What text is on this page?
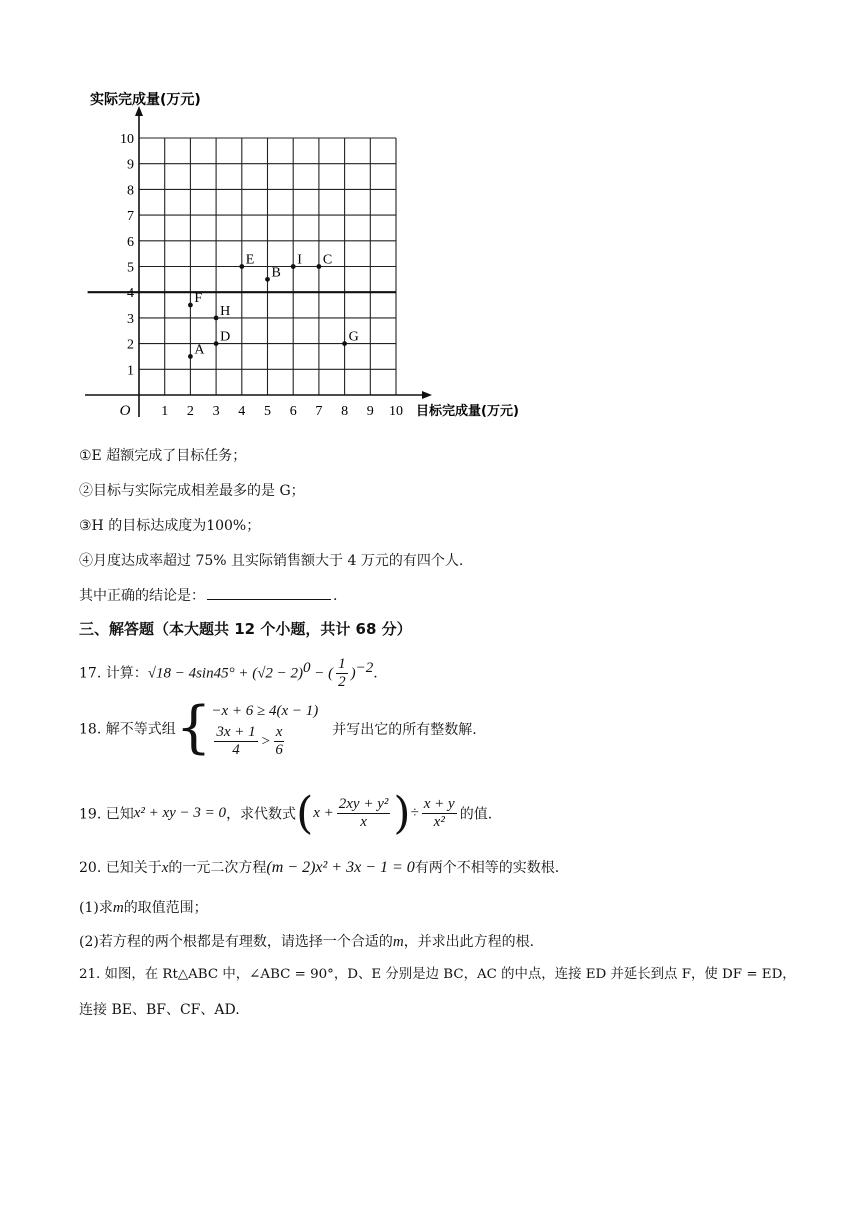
1 2 3 4 5 6 7 8 9 10
1
2
3
4
5
6
7
8
9
10
O
实际完成量(万元)
目标完成量(万元)
A
F
H
D
E
B
I C
G
①E 超额完成了目标任务；
②目标与实际完成相差最多的是 G；
③H 的目标达成度为100%；
④月度达成率超过 75% 且实际销售额大于 4 万元的有四个人.
其中正确的结论是：	.
三、解答题（本大题共 12 个小题，共计 68 分）
17. 计算：$√18 - 4\sin 45^\circ + (√2 - 2)^0$ − ( $\frac{1}{2} )^{-2}$.
18. 解不等式组{ −x + 6 ≥ 4(x − 1)
$\frac{3x + 1}{4} > \frac{x}{6}$	并写出它的所有整数解.
19. 已知x² + xy − 3 = 0，求代数式($x + \frac{\text{2xy + y²}}{x}$ )÷ $\frac{x + y}{\text{x²}}$ 的值.
20. 已知关于x的一元二次方程(m − 2)x² + 3x − 1 = 0有两个不相等的实数根.
(1)求m的取值范围；
(2)若方程的两个根都是有理数，请选择一个合适的m，并求出此方程的根.
21. 如图，在 Rt△ABC 中，∠ABC = 90°，D、E 分别是边 BC，AC 的中点，连接 ED 并延长到点 F，使 DF = ED，
连接 BE、BF、CF、AD.
